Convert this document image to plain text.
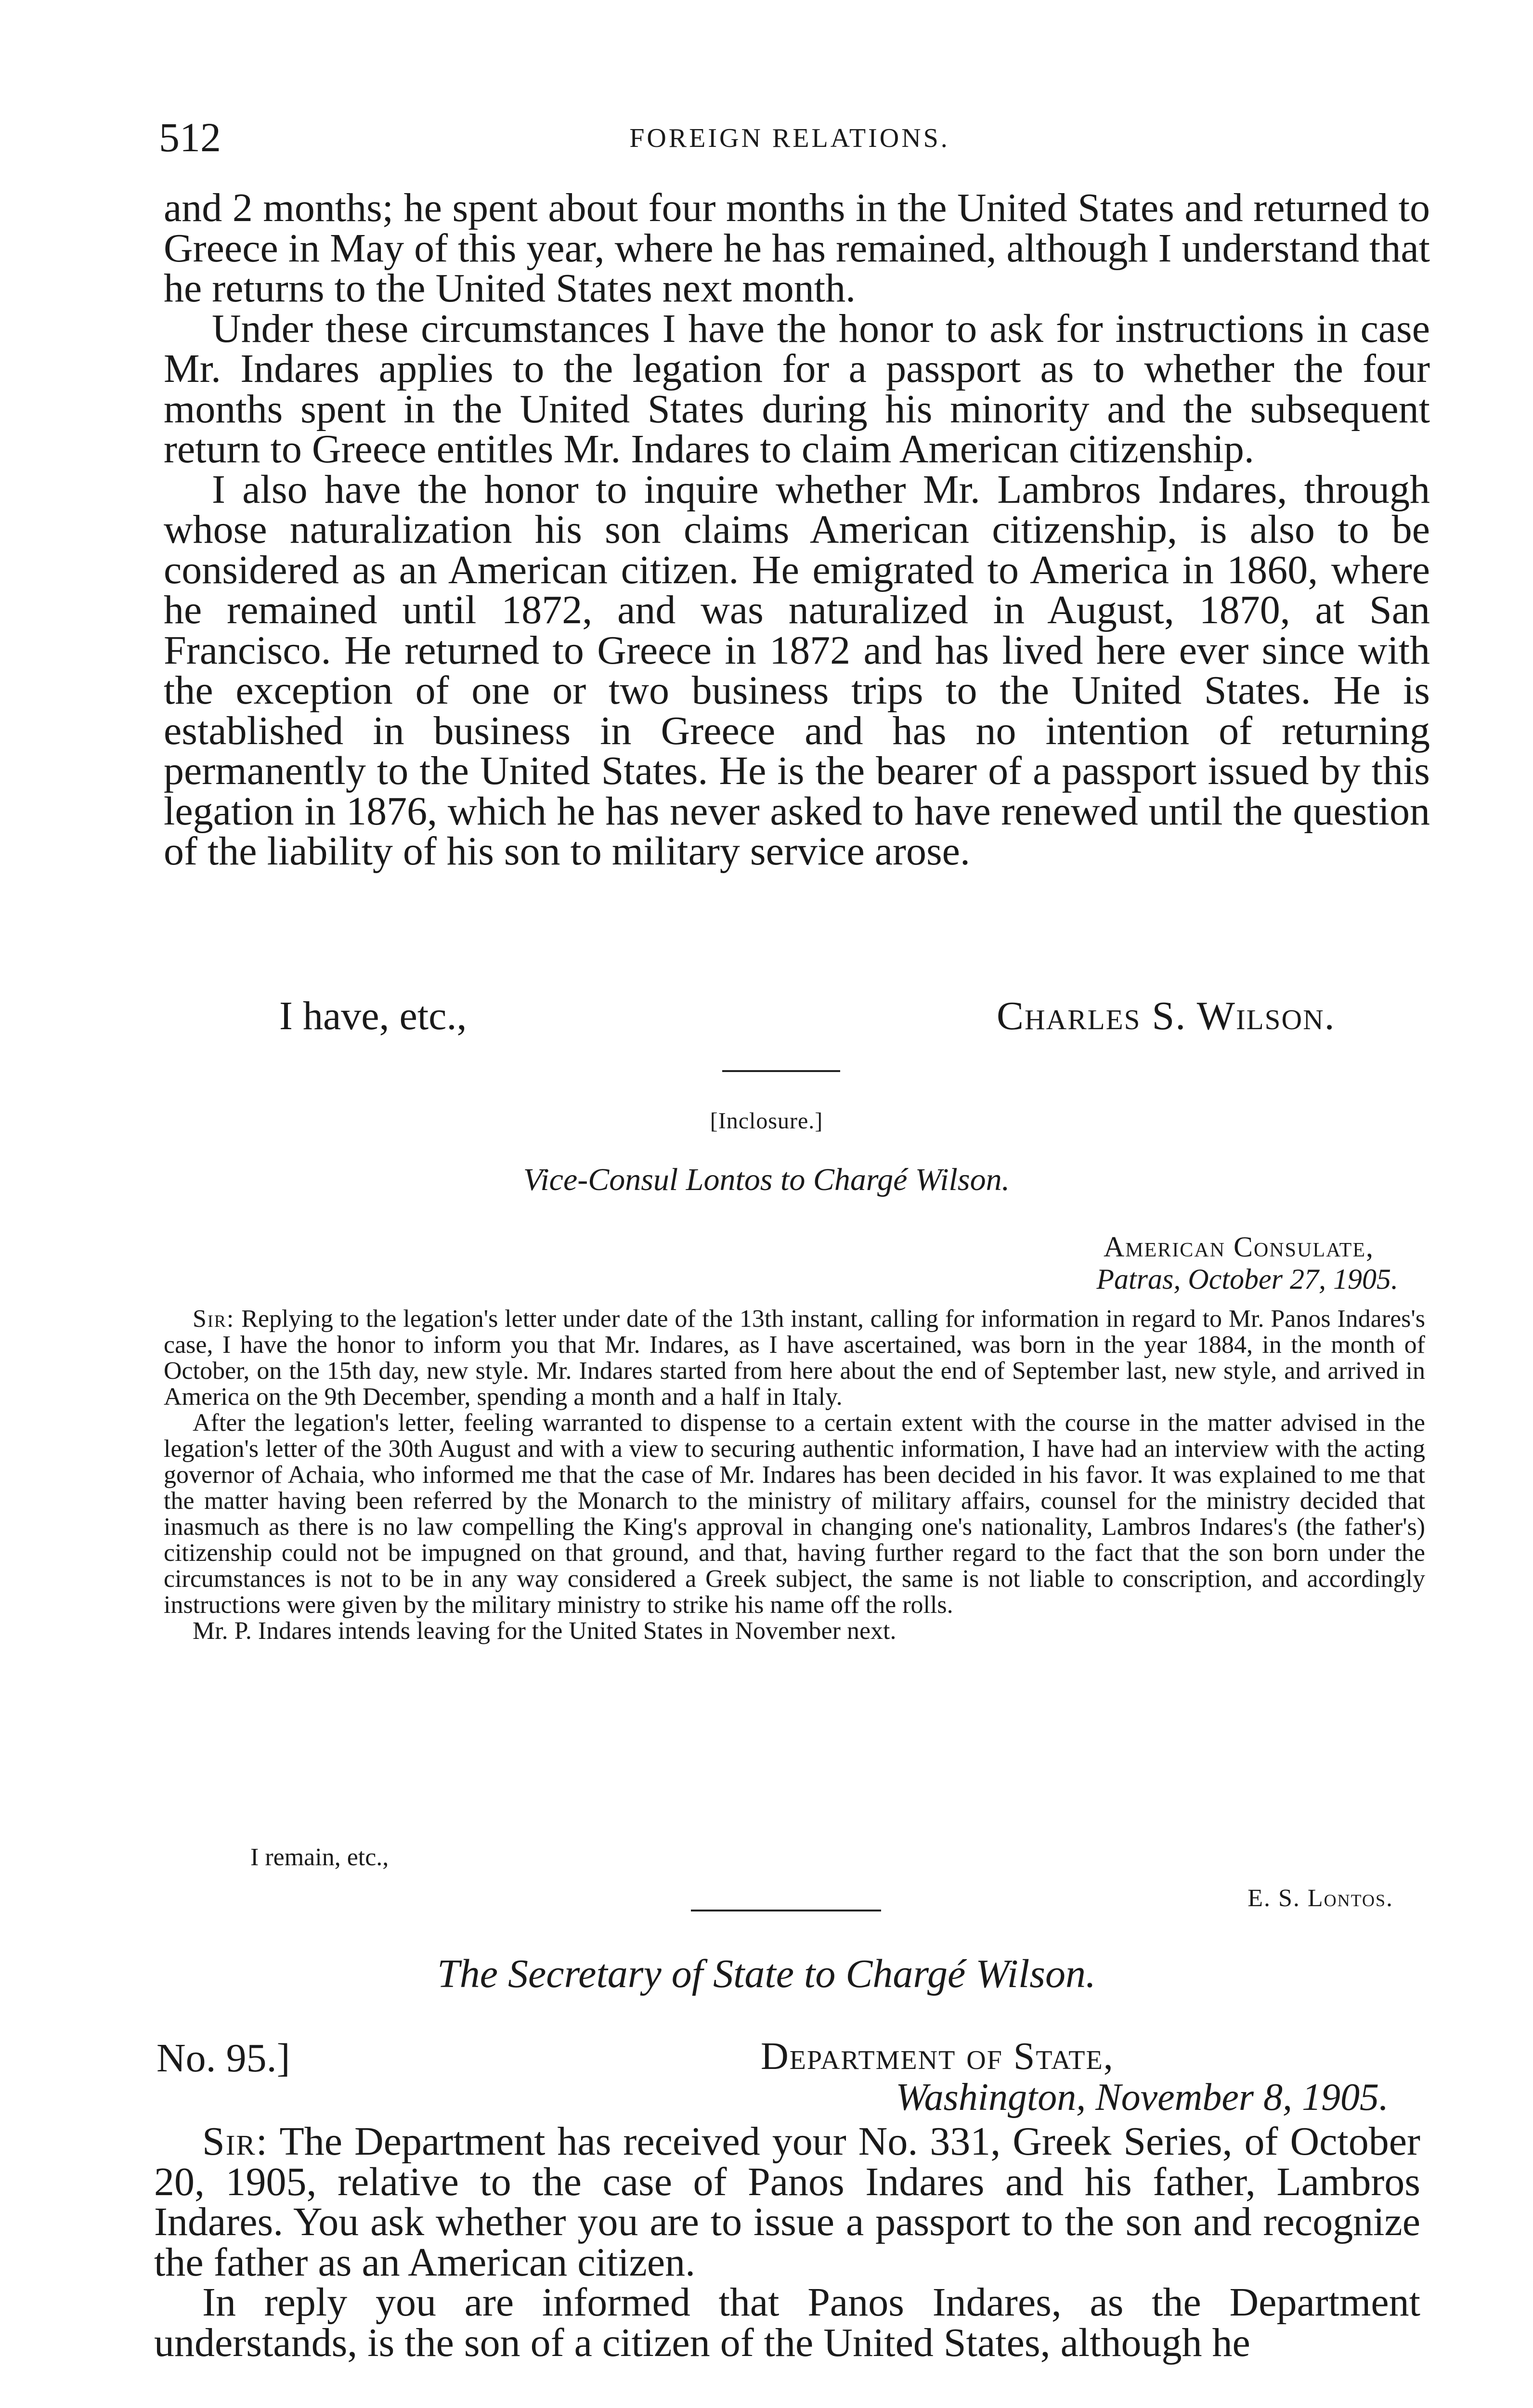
512	FOREIGN RELATIONS.

and 2 months; he spent about four months in the United States and returned to Greece in May of this year, where he has remained, although I understand that he returns to the United States next month.

Under these circumstances I have the honor to ask for instructions in case Mr. Indares applies to the legation for a passport as to whether the four months spent in the United States during his minority and the subsequent return to Greece entitles Mr. Indares to claim American citizenship.

I also have the honor to inquire whether Mr. Lambros Indares, through whose naturalization his son claims American citizenship, is also to be considered as an American citizen. He emigrated to America in 1860, where he remained until 1872, and was naturalized in August, 1870, at San Francisco. He returned to Greece in 1872 and has lived here ever since with the exception of one or two business trips to the United States. He is established in business in Greece and has no intention of returning permanently to the United States. He is the bearer of a passport issued by this legation in 1876, which he has never asked to have renewed until the question of the liability of his son to military service arose.

I have, etc.,	Charles S. Wilson.
[Inclosure.]
Vice-Consul Lontos to Chargé Wilson.
American Consulate,
Patras, October 27, 1905.

Sir: Replying to the legation's letter under date of the 13th instant, calling for information in regard to Mr. Panos Indares's case, I have the honor to inform you that Mr. Indares, as I have ascertained, was born in the year 1884, in the month of October, on the 15th day, new style. Mr. Indares started from here about the end of September last, new style, and arrived in America on the 9th December, spending a month and a half in Italy.

After the legation's letter, feeling warranted to dispense to a certain extent with the course in the matter advised in the legation's letter of the 30th August and with a view to securing authentic information, I have had an interview with the acting governor of Achaia, who informed me that the case of Mr. Indares has been decided in his favor. It was explained to me that the matter having been referred by the Monarch to the ministry of military affairs, counsel for the ministry decided that inasmuch as there is no law compelling the King's approval in changing one's nationality, Lambros Indares's (the father's) citizenship could not be impugned on that ground, and that, having further regard to the fact that the son born under the circumstances is not to be in any way considered a Greek subject, the same is not liable to conscription, and accordingly instructions were given by the military ministry to strike his name off the rolls.

Mr. P. Indares intends leaving for the United States in November next.

I remain, etc.,
E. S. Lontos.
The Secretary of State to Chargé Wilson.
No. 95.]	Department of State,
Washington, November 8, 1905.

Sir: The Department has received your No. 331, Greek Series, of October 20, 1905, relative to the case of Panos Indares and his father, Lambros Indares. You ask whether you are to issue a passport to the son and recognize the father as an American citizen.

In reply you are informed that Panos Indares, as the Department understands, is the son of a citizen of the United States, although he
